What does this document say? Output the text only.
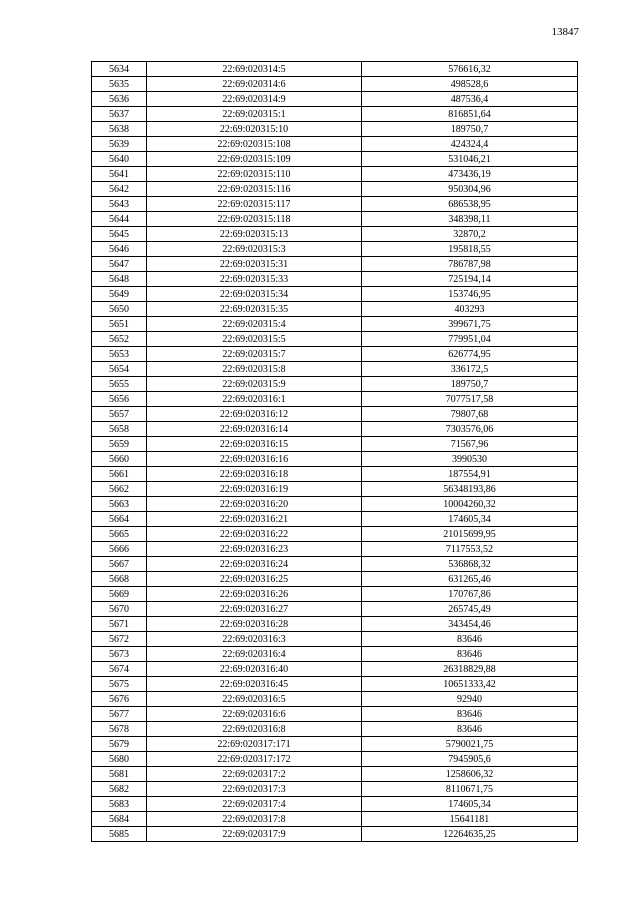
13847
5634	22:69:020314:5	576616,32
5635	22:69:020314:6	498528,6
5636	22:69:020314:9	487536,4
5637	22:69:020315:1	816851,64
5638	22:69:020315:10	189750,7
5639	22:69:020315:108	424324,4
5640	22:69:020315:109	531046,21
5641	22:69:020315:110	473436,19
5642	22:69:020315:116	950304,96
5643	22:69:020315:117	686538,95
5644	22:69:020315:118	348398,11
5645	22:69:020315:13	32870,2
5646	22:69:020315:3	195818,55
5647	22:69:020315:31	786787,98
5648	22:69:020315:33	725194,14
5649	22:69:020315:34	153746,95
5650	22:69:020315:35	403293
5651	22:69:020315:4	399671,75
5652	22:69:020315:5	779951,04
5653	22:69:020315:7	626774,95
5654	22:69:020315:8	336172,5
5655	22:69:020315:9	189750,7
5656	22:69:020316:1	7077517,58
5657	22:69:020316:12	79807,68
5658	22:69:020316:14	7303576,06
5659	22:69:020316:15	71567,96
5660	22:69:020316:16	3990530
5661	22:69:020316:18	187554,91
5662	22:69:020316:19	56348193,86
5663	22:69:020316:20	10004260,32
5664	22:69:020316:21	174605,34
5665	22:69:020316:22	21015699,95
5666	22:69:020316:23	7117553,52
5667	22:69:020316:24	536868,32
5668	22:69:020316:25	631265,46
5669	22:69:020316:26	170767,86
5670	22:69:020316:27	265745,49
5671	22:69:020316:28	343454,46
5672	22:69:020316:3	83646
5673	22:69:020316:4	83646
5674	22:69:020316:40	26318829,88
5675	22:69:020316:45	10651333,42
5676	22:69:020316:5	92940
5677	22:69:020316:6	83646
5678	22:69:020316:8	83646
5679	22:69:020317:171	5790021,75
5680	22:69:020317:172	7945905,6
5681	22:69:020317:2	1258606,32
5682	22:69:020317:3	8110671,75
5683	22:69:020317:4	174605,34
5684	22:69:020317:8	15641181
5685	22:69:020317:9	12264635,25
